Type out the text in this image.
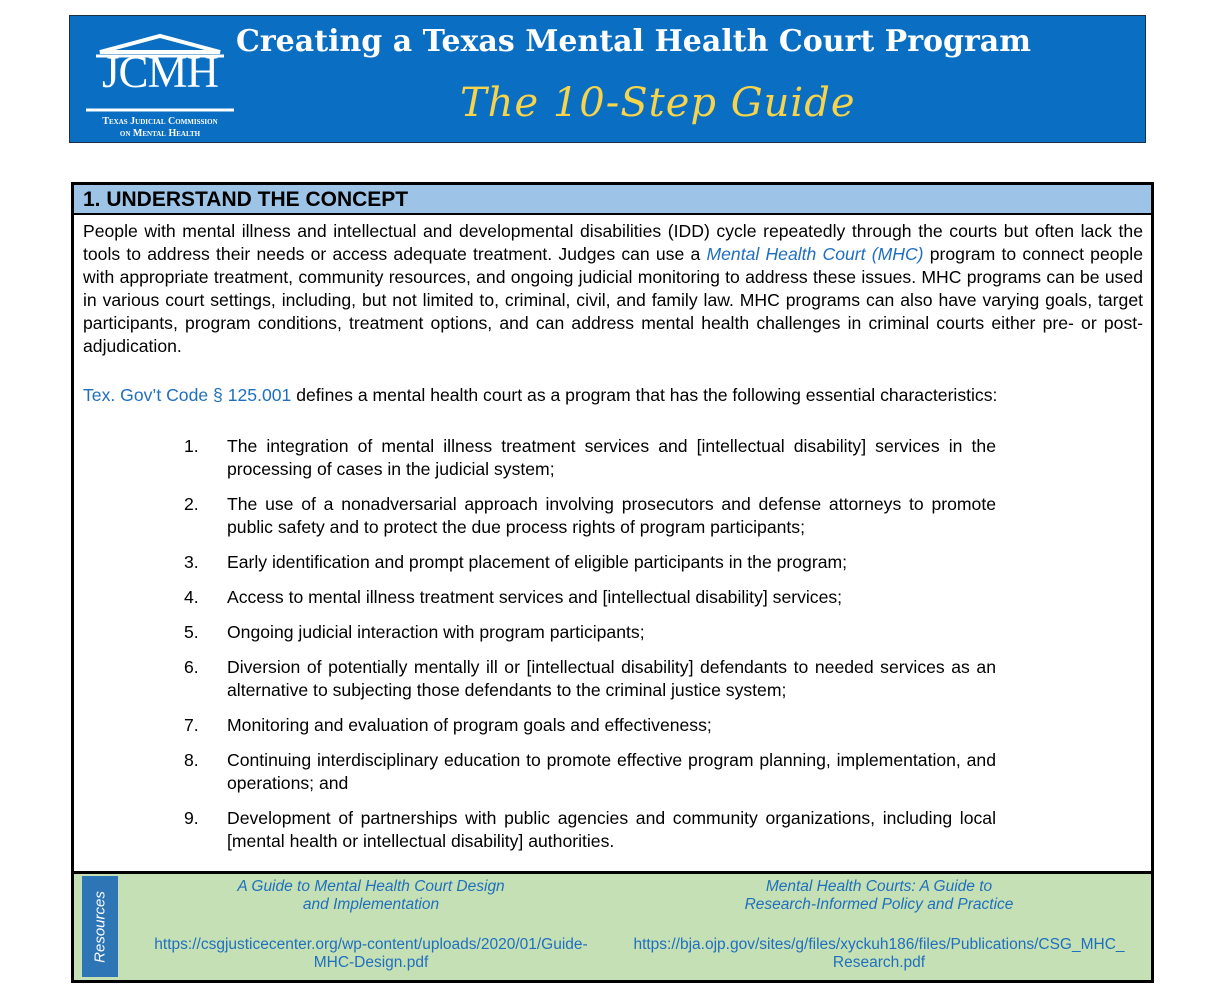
JCMH
Texas Judicial Commission
on Mental Health
Creating a Texas Mental Health Court Program
The 10-Step Guide
1. UNDERSTAND THE CONCEPT
People with mental illness and intellectual and developmental disabilities (IDD) cycle repeatedly through the courts but often lack the tools to address their needs or access adequate treatment. Judges can use a Mental Health Court (MHC) program to connect people with appropriate treatment, community resources, and ongoing judicial monitoring to address these issues. MHC programs can be used in various court settings, including, but not limited to, criminal, civil, and family law. MHC programs can also have varying goals, target participants, program conditions, treatment options, and can address mental health challenges in criminal courts either pre- or post-adjudication.
Tex. Gov’t Code § 125.001 defines a mental health court as a program that has the following essential characteristics:
1. The integration of mental illness treatment services and [intellectual disability] services in the processing of cases in the judicial system;
2. The use of a nonadversarial approach involving prosecutors and defense attorneys to promote public safety and to protect the due process rights of program participants;
3. Early identification and prompt placement of eligible participants in the program;
4. Access to mental illness treatment services and [intellectual disability] services;
5. Ongoing judicial interaction with program participants;
6. Diversion of potentially mentally ill or [intellectual disability] defendants to needed services as an alternative to subjecting those defendants to the criminal justice system;
7. Monitoring and evaluation of program goals and effectiveness;
8. Continuing interdisciplinary education to promote effective program planning, implementation, and operations; and
9. Development of partnerships with public agencies and community organizations, including local [mental health or intellectual disability] authorities.
Resources
A Guide to Mental Health Court Design
and Implementation
https://csgjusticecenter.org/wp-content/uploads/2020/01/Guide-
MHC-Design.pdf
Mental Health Courts: A Guide to
Research-Informed Policy and Practice
https://bja.ojp.gov/sites/g/files/xyckuh186/files/Publications/CSG_MHC_
Research.pdf
